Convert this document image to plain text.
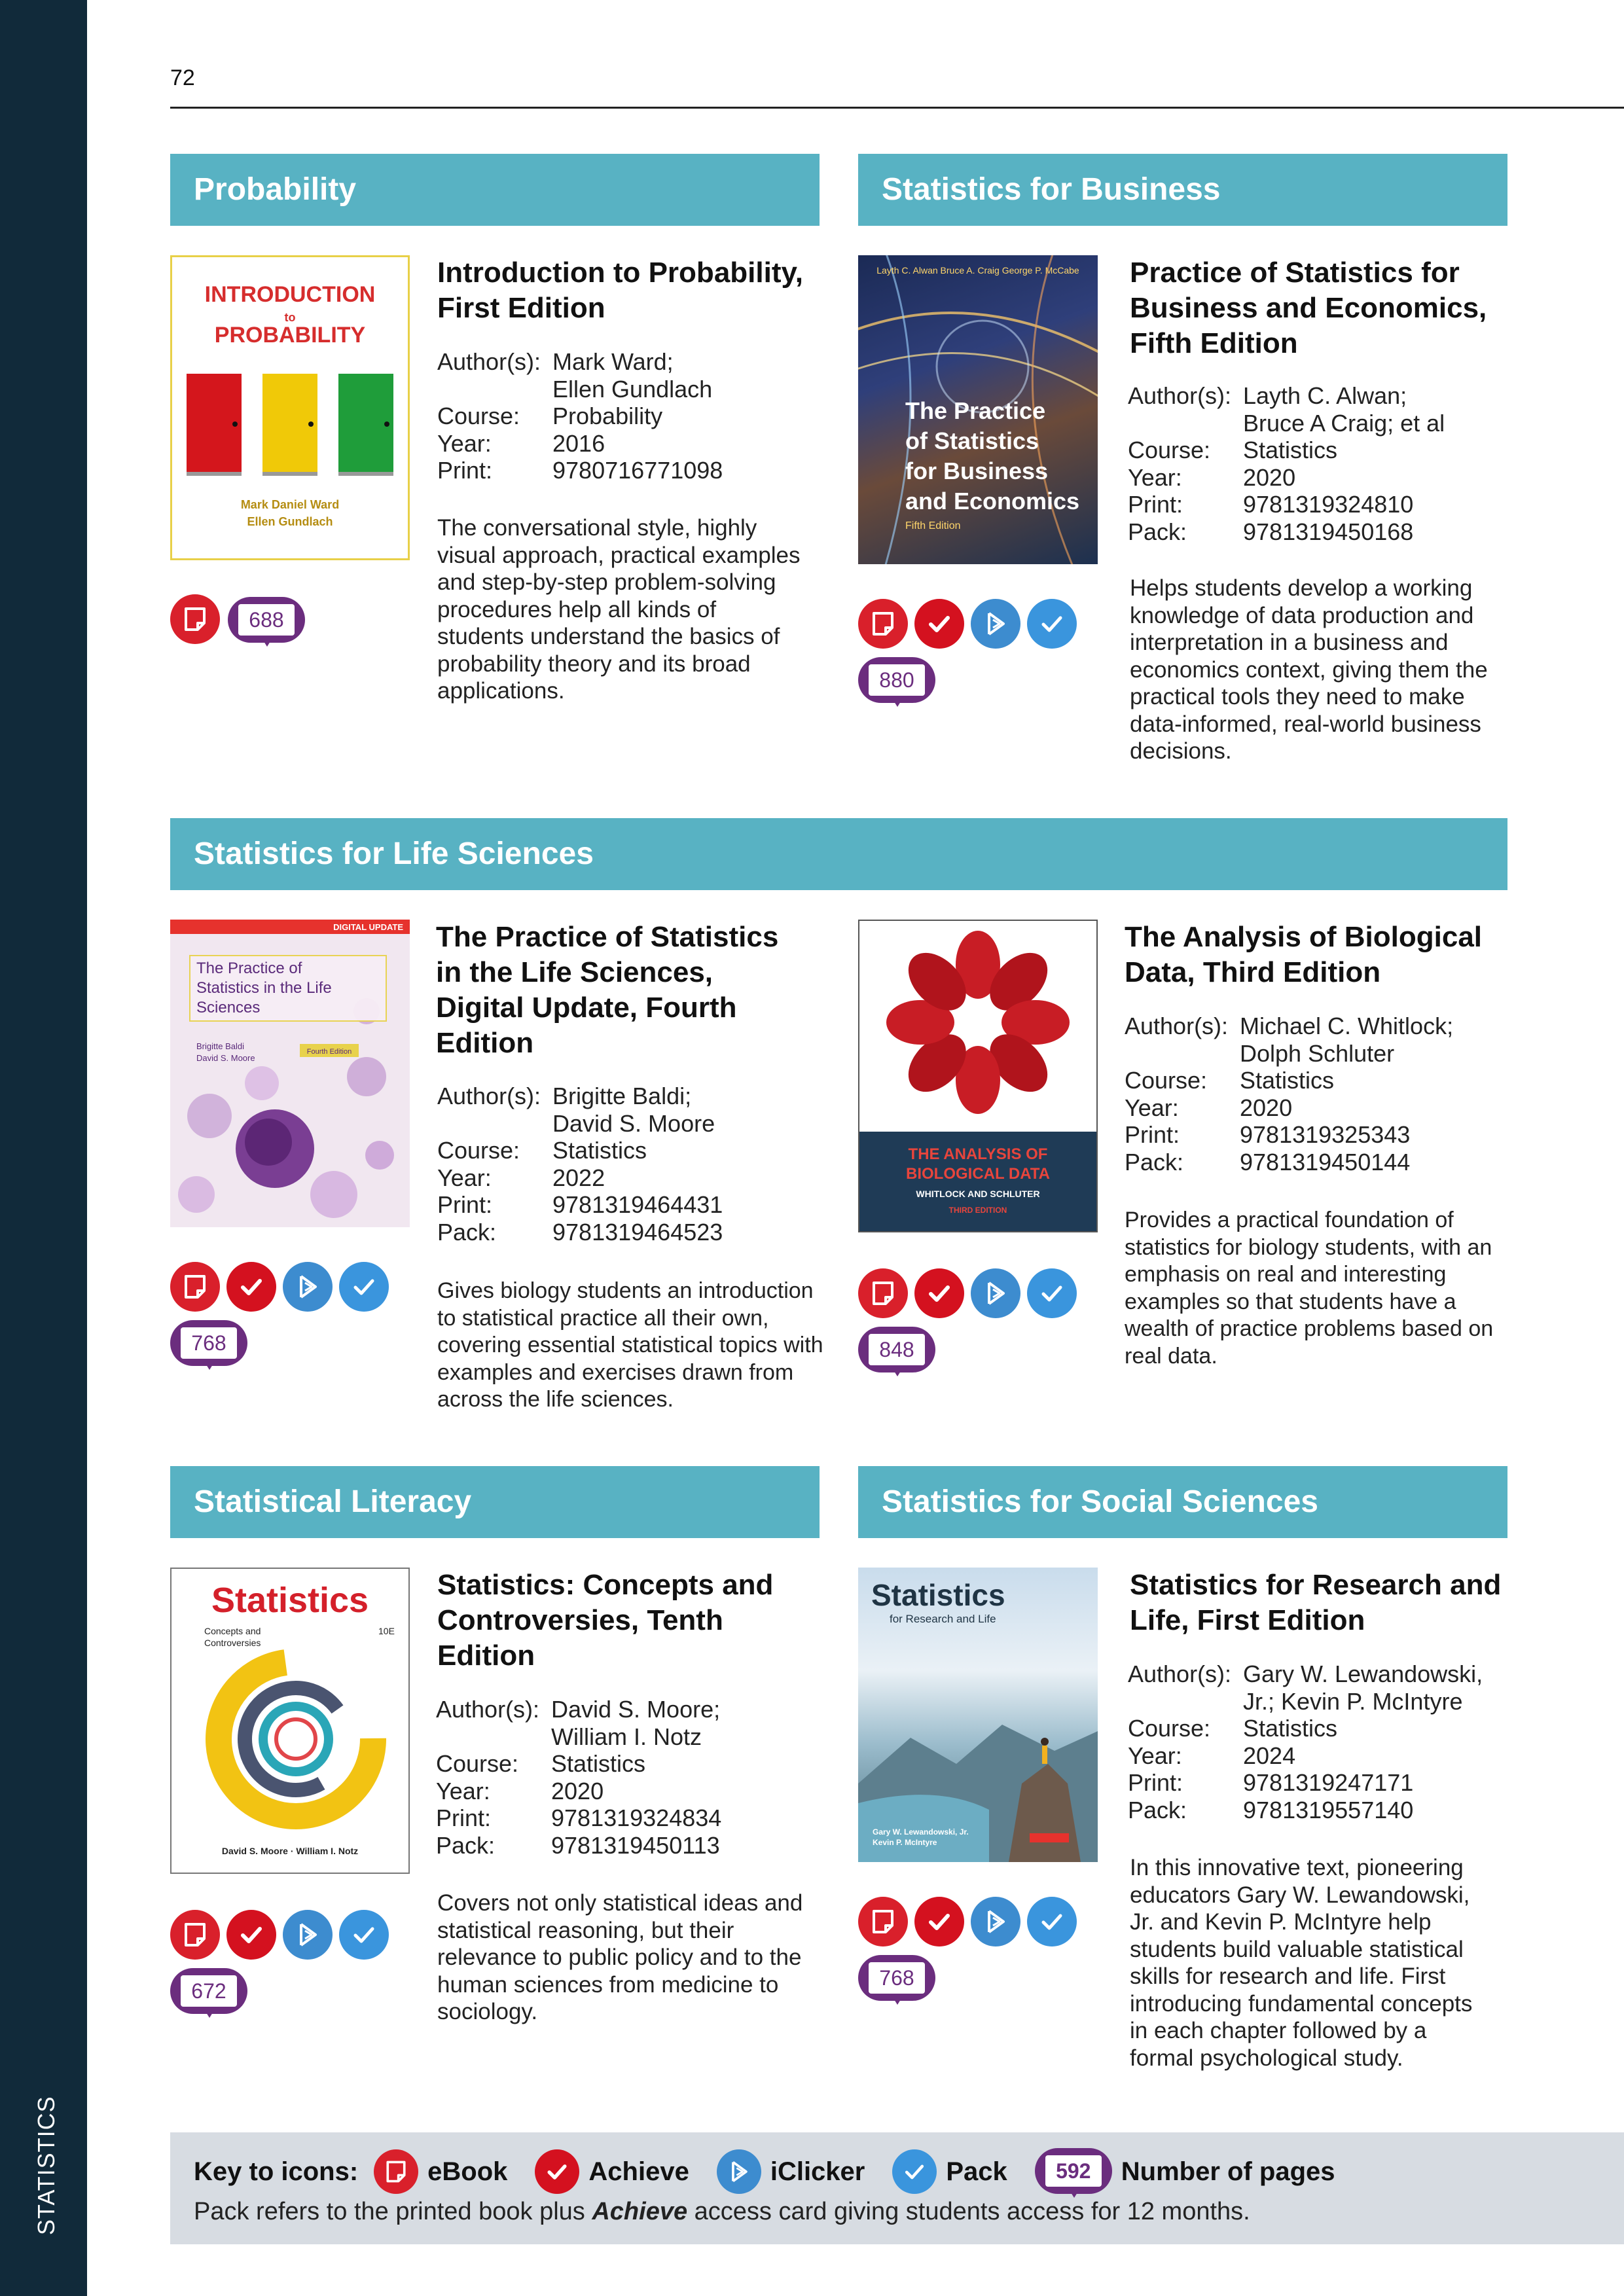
STATISTICS
72
Probability	Statistics for Business
Statistics for Life Sciences
Statistical Literacy	Statistics for Social Sciences
INTRODUCTION
to
PROBABILITY
Mark Daniel Ward
Ellen Gundlach
Introduction to Probability, First Edition
Author(s): Mark Ward;
Ellen Gundlach
Course:	Probability
Year:	2016
Print:	9780716771098
The conversational style, highly visual approach, practical examples and step-by-step problem-solving procedures help all kinds of students understand the basics of probability theory and its broad applications.
688
Layth C. Alwan Bruce A. Craig George P. McCabe
The Practice
of Statistics
for Business
and Economics
Fifth Edition
Practice of Statistics for Business and Economics, Fifth Edition
Author(s): Layth C. Alwan;
Bruce A Craig; et al
Course:	Statistics
Year:	2020
Print:	9781319324810
Pack:	9781319450168
Helps students develop a working knowledge of data production and interpretation in a business and economics context, giving them the practical tools they need to make data-informed, real-world business decisions.
880
DIGITAL UPDATE
The Practice of
Statistics in the Life
Sciences
Brigitte Baldi
David S. Moore
Fourth Edition
The Practice of Statistics in the Life Sciences, Digital Update, Fourth Edition
Author(s): Brigitte Baldi;
David S. Moore
Course:	Statistics
Year:	2022
Print:	9781319464431
Pack:	9781319464523
Gives biology students an introduction to statistical practice all their own, covering essential statistical topics with examples and exercises drawn from across the life sciences.
768
THE ANALYSIS OF
BIOLOGICAL DATA
WHITLOCK AND SCHLUTER
THIRD EDITION
The Analysis of Biological Data, Third Edition
Author(s): Michael C. Whitlock;
Dolph Schluter
Course:	Statistics
Year:	2020
Print:	9781319325343
Pack:	9781319450144
Provides a practical foundation of statistics for biology students, with an emphasis on real and interesting examples so that students have a wealth of practice problems based on real data.
848
Statistics
Concepts and
Controversies
10E
David S. Moore · William I. Notz
Statistics: Concepts and Controversies, Tenth Edition
Author(s): David S. Moore;
William I. Notz
Course:	Statistics
Year:	2020
Print:	9781319324834
Pack:	9781319450113
Covers not only statistical ideas and statistical reasoning, but their relevance to public policy and to the human sciences from medicine to sociology.
672
Statistics
for Research and Life
Gary W. Lewandowski, Jr.
Kevin P. McIntyre
Statistics for Research and Life, First Edition
Author(s): Gary W. Lewandowski,
Jr.; Kevin P. McIntyre
Course:	Statistics
Year:	2024
Print:	9781319247171
Pack:	9781319557140
In this innovative text, pioneering educators Gary W. Lewandowski, Jr. and Kevin P. McIntyre help students build valuable statistical skills for research and life. First introducing fundamental concepts in each chapter followed by a formal psychological study.
768
Key to icons:	eBook	Achieve	iClicker	Pack	592	Number of pages
Pack refers to the printed book plus Achieve access card giving students access for 12 months.
